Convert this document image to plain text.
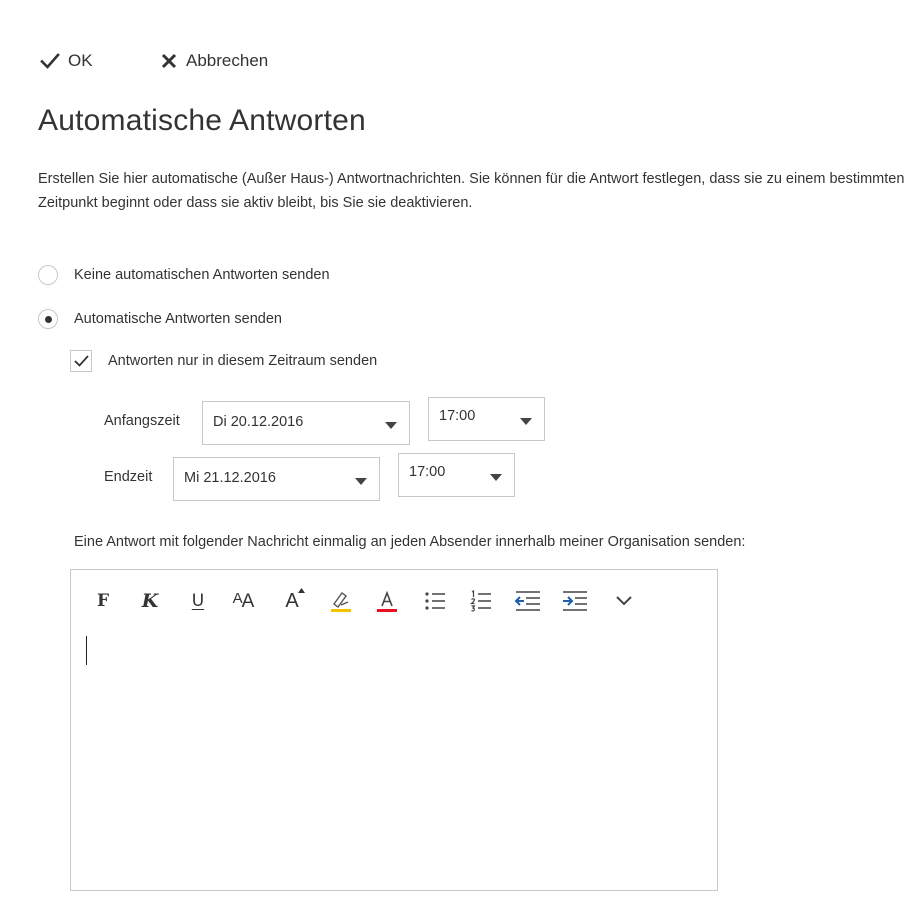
OK	Abbrechen
Automatische Antworten
Erstellen Sie hier automatische (Außer Haus-) Antwortnachrichten. Sie können für die Antwort festlegen, dass sie zu einem bestimmten Zeitpunkt beginnt oder dass sie aktiv bleibt, bis Sie sie deaktivieren.
Keine automatischen Antworten senden
Automatische Antworten senden
Antworten nur in diesem Zeitraum senden
Anfangszeit Di 20.12.2016	17:00
Endzeit Mi 21.12.2016	17:00
Eine Antwort mit folgender Nachricht einmalig an jeden Absender innerhalb meiner Organisation senden:
F K U A A A
